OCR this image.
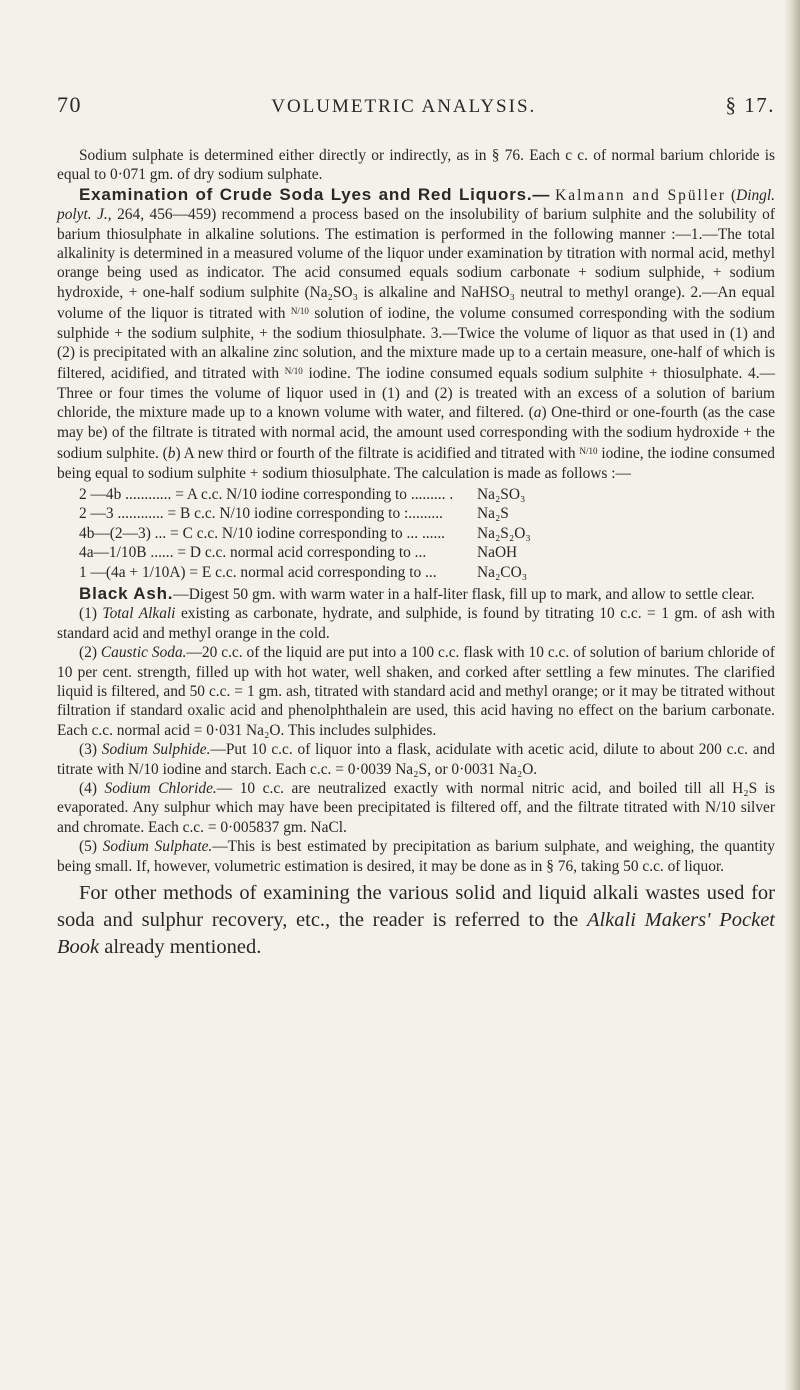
70	VOLUMETRIC ANALYSIS.	§ 17.

Sodium sulphate is determined either directly or indirectly, as in § 76. Each c c. of normal barium chloride is equal to 0·071 gm. of dry sodium sulphate.

Examination of Crude Soda Lyes and Red Liquors.— Kalmann and Spüller (Dingl. polyt. J., 264, 456—459) recommend a process based on the insolubility of barium sulphite and the solubility of barium thiosulphate in alkaline solutions. The estimation is performed in the following manner :—1.—The total alkalinity is determined in a measured volume of the liquor under examination by titration with normal acid, methyl orange being used as indicator. The acid consumed equals sodium carbonate + sodium sulphide, + sodium hydroxide, + one-half sodium sulphite (Na₂SO₃ is alkaline and NaHSO₃ neutral to methyl orange). 2.—An equal volume of the liquor is titrated with $^{N/10}$ solution of iodine, the volume consumed corresponding with the sodium sulphide + the sodium sulphite, + the sodium thiosulphate. 3.—Twice the volume of liquor as that used in (1) and (2) is precipitated with an alkaline zinc solution, and the mixture made up to a certain measure, one-half of which is filtered, acidified, and titrated with $^{N/10}$ iodine. The iodine consumed equals sodium sulphite + thiosulphate. 4.—Three or four times the volume of liquor used in (1) and (2) is treated with an excess of a solution of barium chloride, the mixture made up to a known volume with water, and filtered. (a) One-third or one-fourth (as the case may be) of the filtrate is titrated with normal acid, the amount used corresponding with the sodium hydroxide + the sodium sulphite. (b) A new third or fourth of the filtrate is acidified and titrated with $^{N/10}$ iodine, the iodine consumed being equal to sodium sulphite + sodium thiosulphate. The calculation is made as follows :—

2 —4b ............ = A c.c. N/10 iodine corresponding to ......... .	Na₂SO₃
2 —3 ............ = B c.c. N/10 iodine corresponding to :.........	Na₂S
4b—(2—3) ... = C c.c. N/10 iodine corresponding to ... ......	Na₂S₂O₃
4a—1/10B ...... = D c.c. normal acid corresponding to ...	NaOH
1 —(4a + 1/10A) = E c.c. normal acid corresponding to ...	Na₂CO₃

Black Ash.—Digest 50 gm. with warm water in a half-liter flask, fill up to mark, and allow to settle clear.

(1) Total Alkali existing as carbonate, hydrate, and sulphide, is found by titrating 10 c.c. = 1 gm. of ash with standard acid and methyl orange in the cold.

(2) Caustic Soda.—20 c.c. of the liquid are put into a 100 c.c. flask with 10 c.c. of solution of barium chloride of 10 per cent. strength, filled up with hot water, well shaken, and corked after settling a few minutes. The clarified liquid is filtered, and 50 c.c. = 1 gm. ash, titrated with standard acid and methyl orange; or it may be titrated without filtration if standard oxalic acid and phenolphthalein are used, this acid having no effect on the barium carbonate. Each c.c. normal acid = 0·031 Na₂O. This includes sulphides.

(3) Sodium Sulphide.—Put 10 c.c. of liquor into a flask, acidulate with acetic acid, dilute to about 200 c.c. and titrate with N/10 iodine and starch. Each c.c. = 0·0039 Na₂S, or 0·0031 Na₂O.

(4) Sodium Chloride.— 10 c.c. are neutralized exactly with normal nitric acid, and boiled till all H₂S is evaporated. Any sulphur which may have been precipitated is filtered off, and the filtrate titrated with N/10 silver and chromate. Each c.c. = 0·005837 gm. NaCl.

(5) Sodium Sulphate.—This is best estimated by precipitation as barium sulphate, and weighing, the quantity being small. If, however, volumetric estimation is desired, it may be done as in § 76, taking 50 c.c. of liquor.

For other methods of examining the various solid and liquid alkali wastes used for soda and sulphur recovery, etc., the reader is referred to the Alkali Makers' Pocket Book already mentioned.
